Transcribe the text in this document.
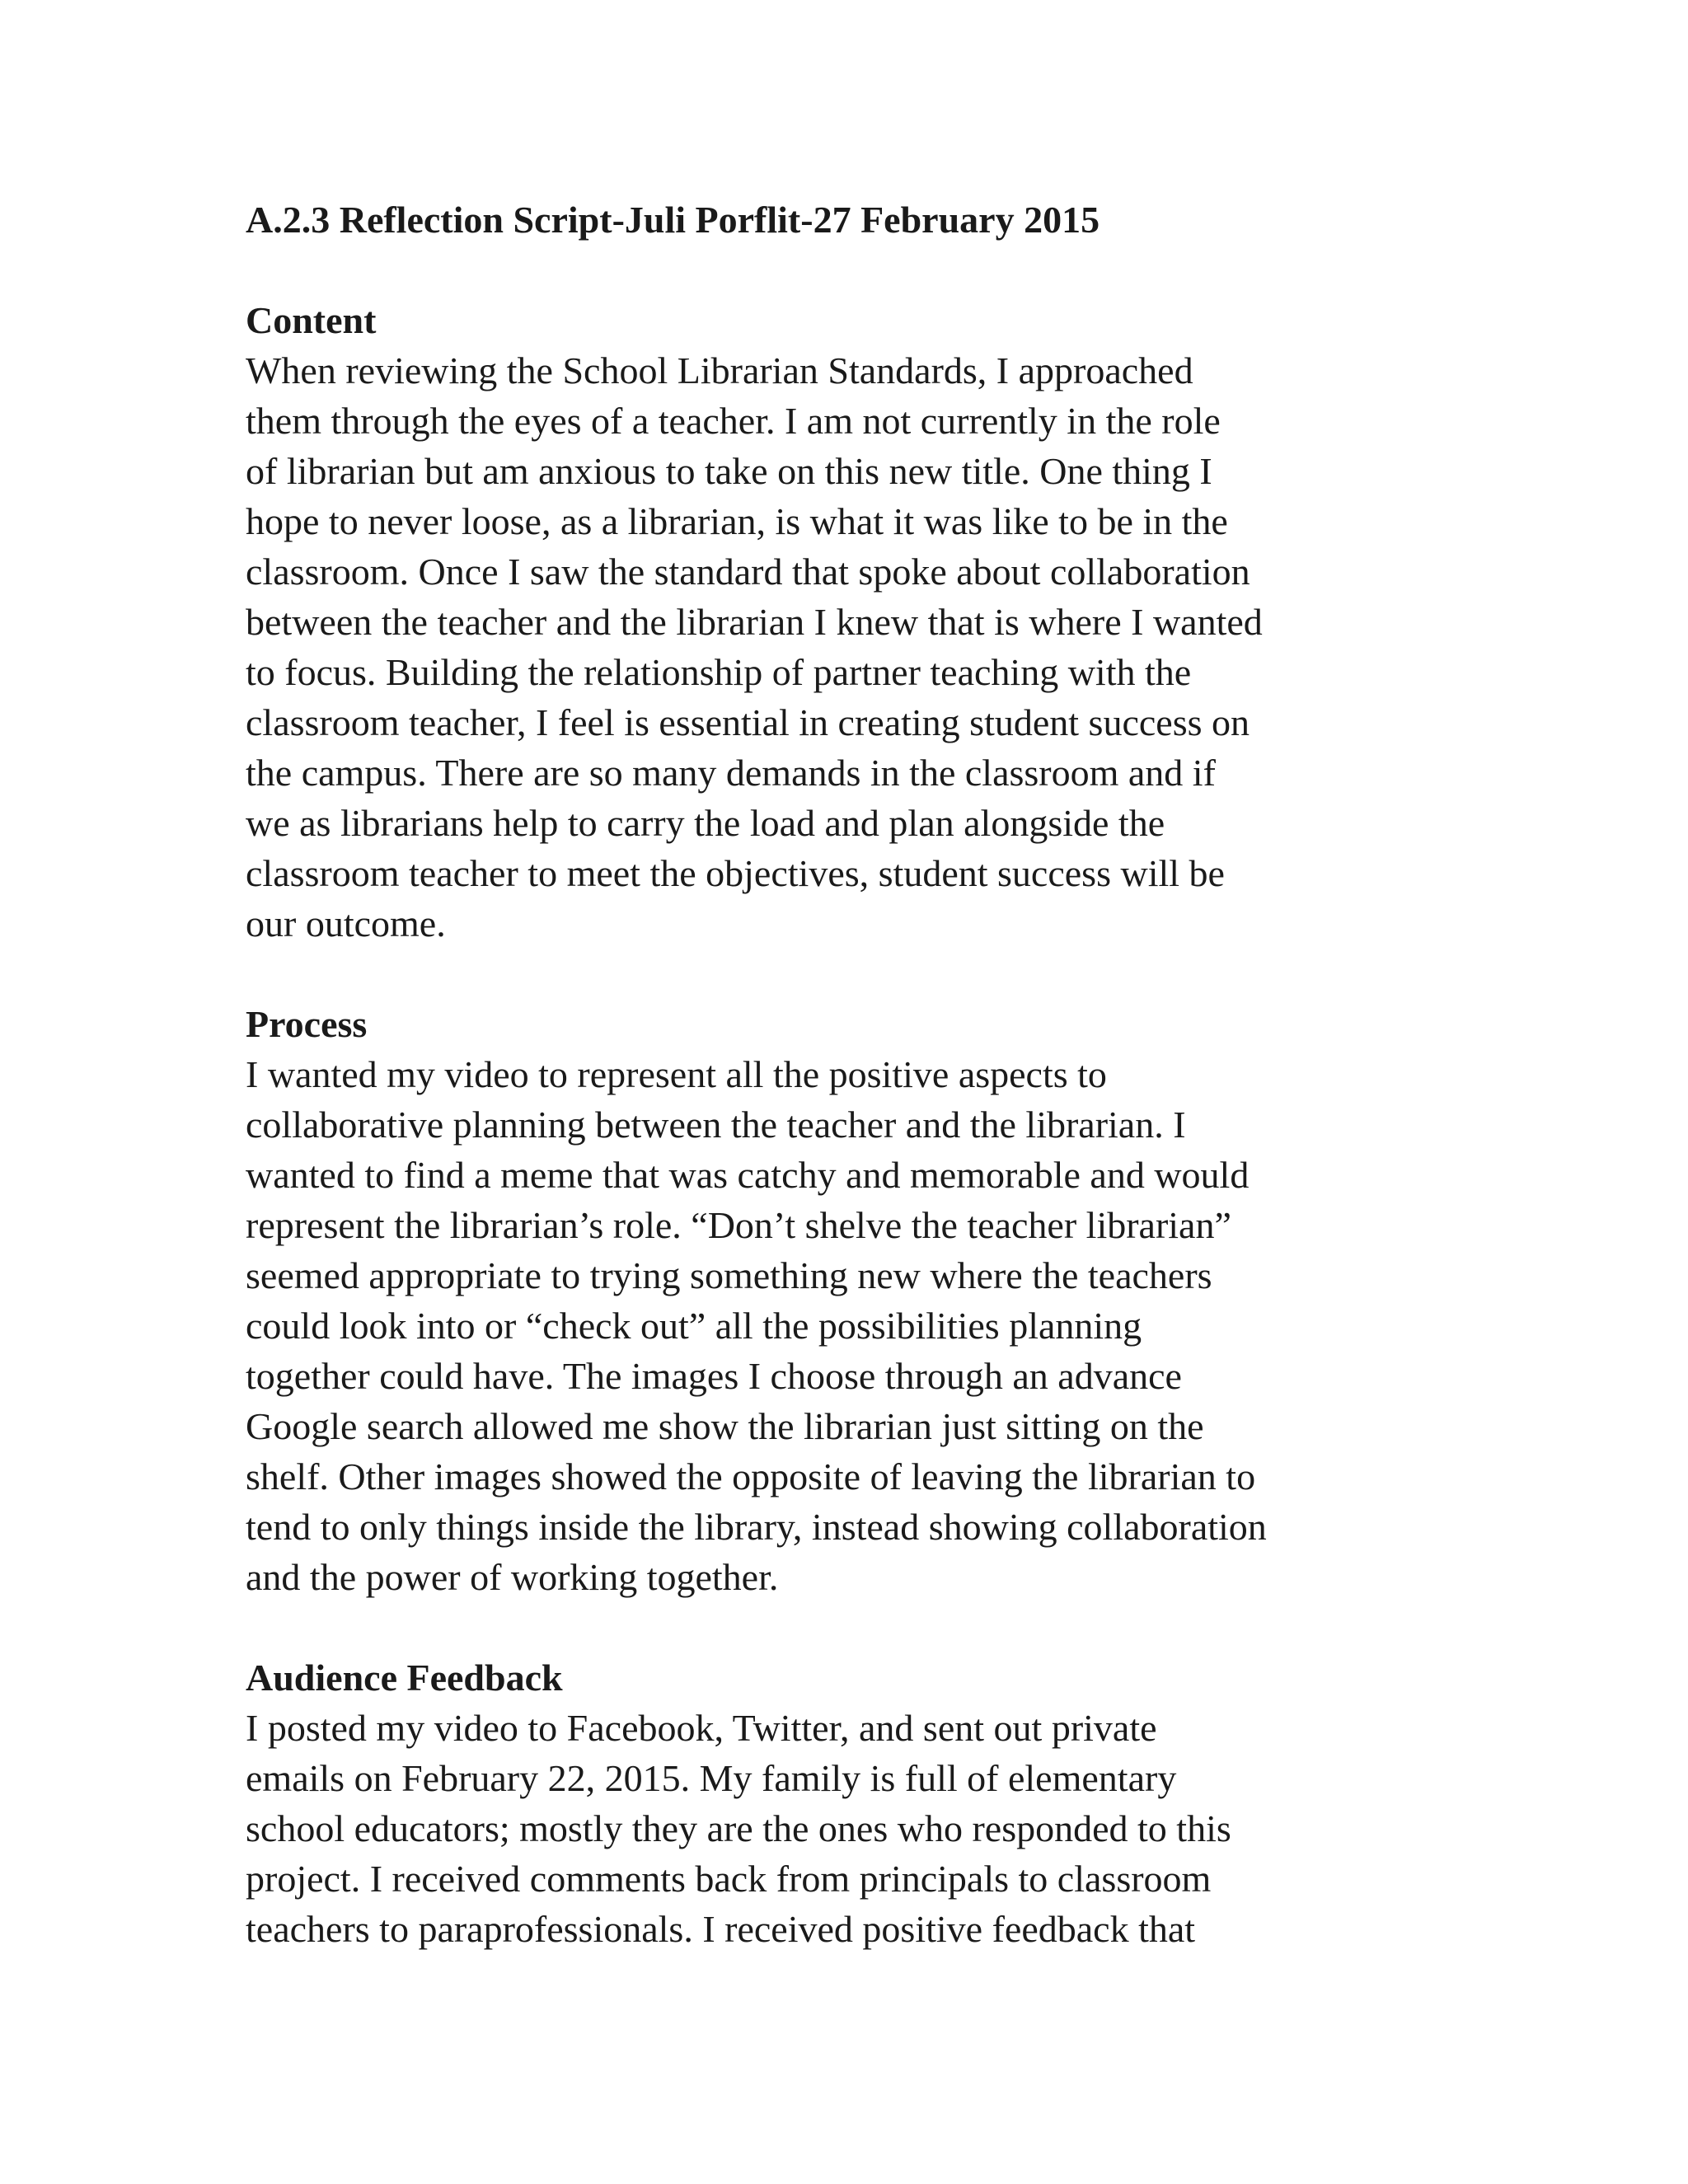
A.2.3 Reflection Script-Juli Porflit-27 February 2015

Content

When reviewing the School Librarian Standards, I approached

them through the eyes of a teacher. I am not currently in the role

of librarian but am anxious to take on this new title. One thing I

hope to never loose, as a librarian, is what it was like to be in the

classroom. Once I saw the standard that spoke about collaboration

between the teacher and the librarian I knew that is where I wanted

to focus. Building the relationship of partner teaching with the

classroom teacher, I feel is essential in creating student success on

the campus. There are so many demands in the classroom and if

we as librarians help to carry the load and plan alongside the

classroom teacher to meet the objectives, student success will be

our outcome.

Process

I wanted my video to represent all the positive aspects to

collaborative planning between the teacher and the librarian. I

wanted to find a meme that was catchy and memorable and would

represent the librarian’s role. “Don’t shelve the teacher librarian”

seemed appropriate to trying something new where the teachers

could look into or “check out” all the possibilities planning

together could have. The images I choose through an advance

Google search allowed me show the librarian just sitting on the

shelf. Other images showed the opposite of leaving the librarian to

tend to only things inside the library, instead showing collaboration

and the power of working together.

Audience Feedback

I posted my video to Facebook, Twitter, and sent out private

emails on February 22, 2015. My family is full of elementary

school educators; mostly they are the ones who responded to this

project. I received comments back from principals to classroom

teachers to paraprofessionals. I received positive feedback that
